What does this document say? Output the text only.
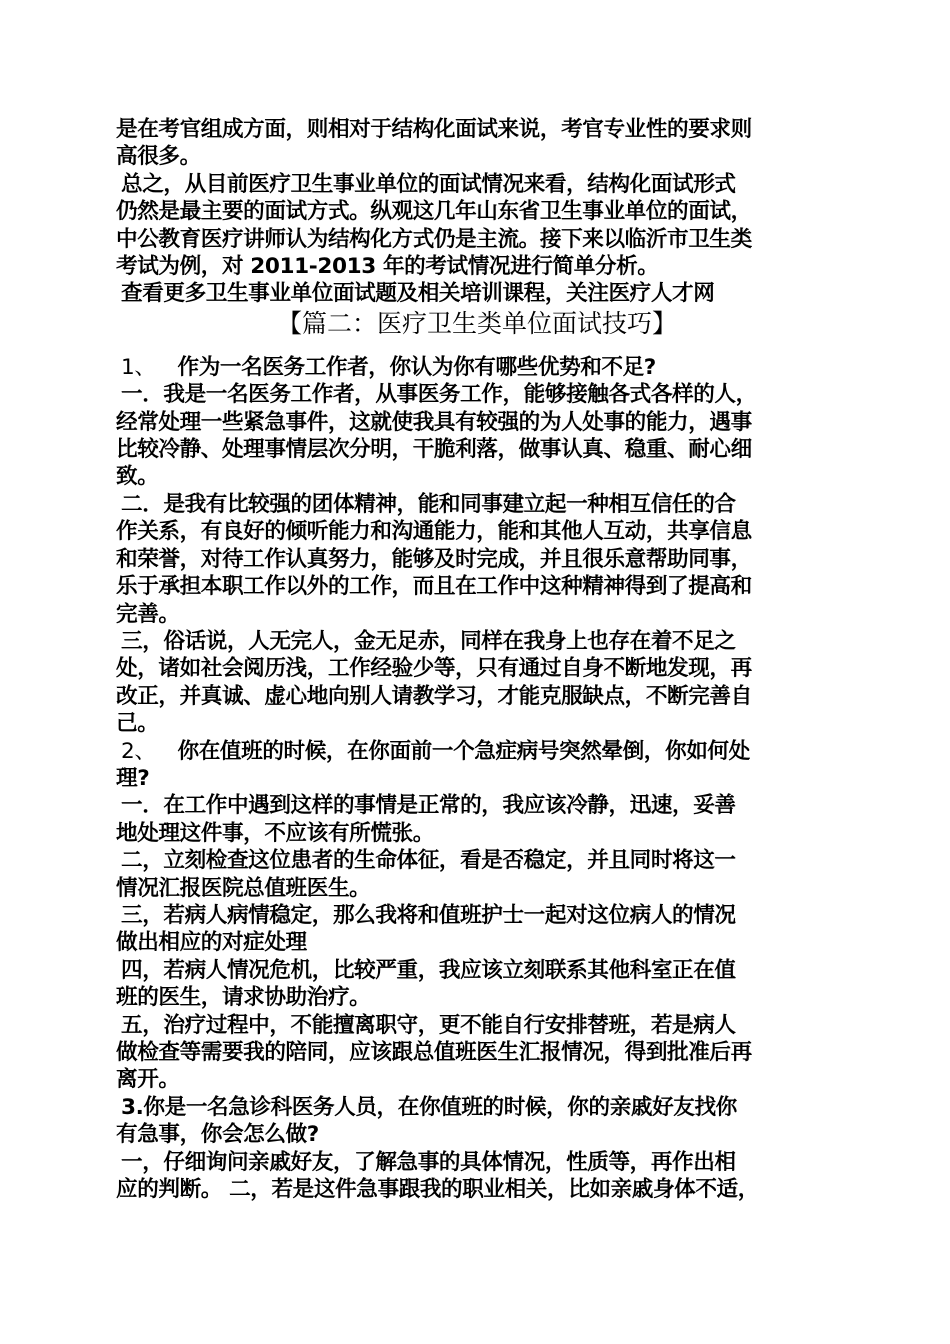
是在考官组成方面，则相对于结构化面试来说，考官专业性的要求则

高很多。

总之，从目前医疗卫生事业单位的面试情况来看，结构化面试形式

仍然是最主要的面试方式。纵观这几年山东省卫生事业单位的面试，

中公教育医疗讲师认为结构化方式仍是主流。接下来以临沂市卫生类

考试为例，对 2011-2013 年的考试情况进行简单分析。

查看更多卫生事业单位面试题及相关培训课程，关注医疗人才网

【篇二：医疗卫生类单位面试技巧】

1、 作为一名医务工作者，你认为你有哪些优势和不足?

一．我是一名医务工作者，从事医务工作，能够接触各式各样的人，

经常处理一些紧急事件，这就使我具有较强的为人处事的能力，遇事

比较冷静、处理事情层次分明，干脆利落，做事认真、稳重、耐心细

致。

二．是我有比较强的团体精神，能和同事建立起一种相互信任的合

作关系，有良好的倾听能力和沟通能力，能和其他人互动，共享信息

和荣誉，对待工作认真努力，能够及时完成，并且很乐意帮助同事，

乐于承担本职工作以外的工作，而且在工作中这种精神得到了提高和

完善。

三，俗话说，人无完人，金无足赤，同样在我身上也存在着不足之

处，诸如社会阅历浅，工作经验少等，只有通过自身不断地发现，再

改正，并真诚、虚心地向别人请教学习，才能克服缺点，不断完善自

己。

2、 你在值班的时候，在你面前一个急症病号突然晕倒，你如何处

理?

一．在工作中遇到这样的事情是正常的，我应该冷静，迅速，妥善

地处理这件事，不应该有所慌张。

二，立刻检查这位患者的生命体征，看是否稳定，并且同时将这一

情况汇报医院总值班医生。

三，若病人病情稳定，那么我将和值班护士一起对这位病人的情况

做出相应的对症处理

四，若病人情况危机，比较严重，我应该立刻联系其他科室正在值

班的医生，请求协助治疗。

五，治疗过程中，不能擅离职守，更不能自行安排替班，若是病人

做检查等需要我的陪同，应该跟总值班医生汇报情况，得到批准后再

离开。

3.你是一名急诊科医务人员，在你值班的时候，你的亲戚好友找你

有急事，你会怎么做?

一，仔细询问亲戚好友，了解急事的具体情况，性质等，再作出相

应的判断。 二，若是这件急事跟我的职业相关，比如亲戚身体不适，
